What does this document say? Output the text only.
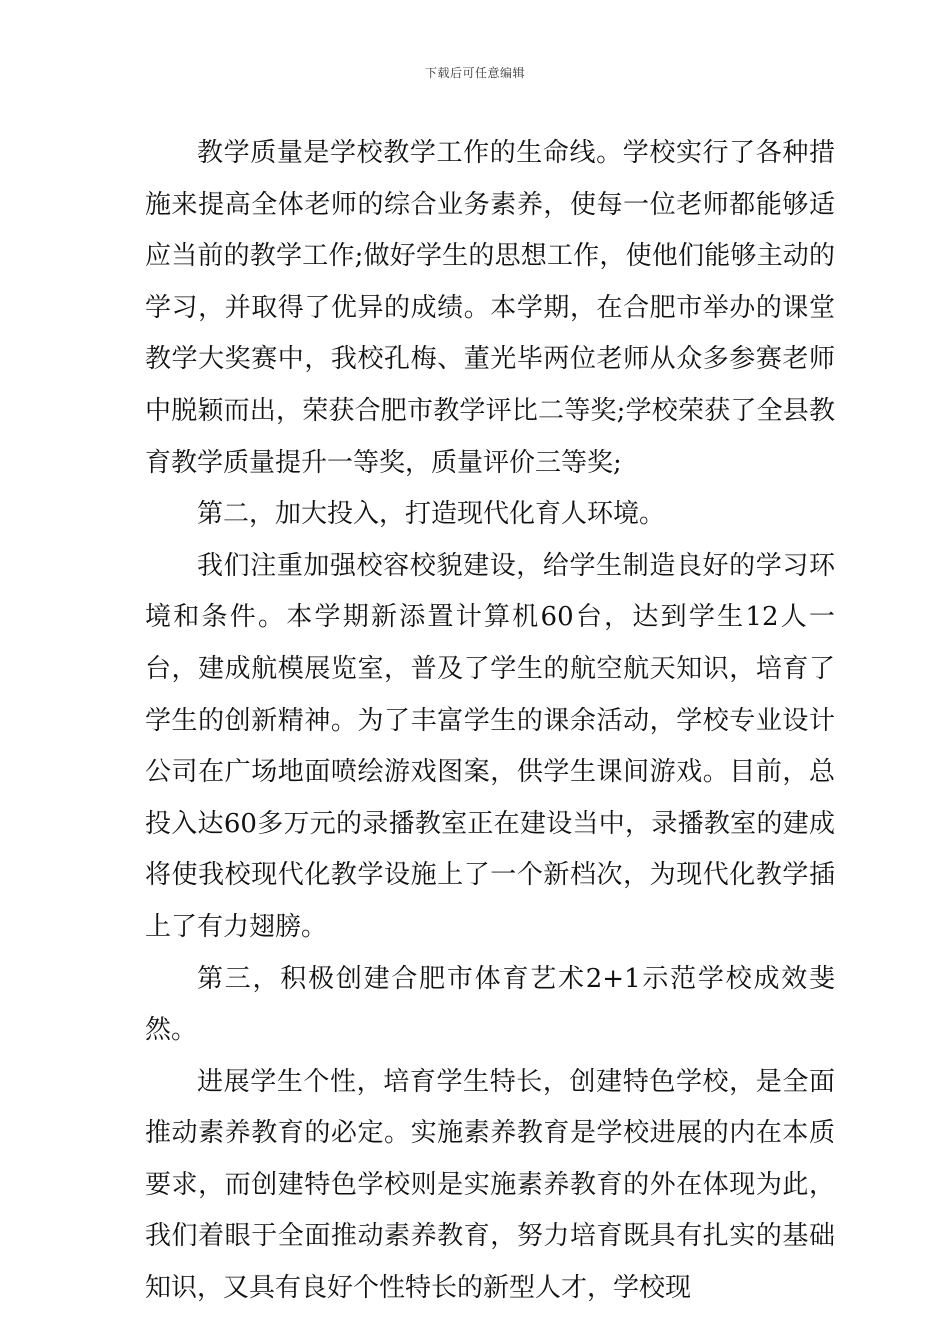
下载后可任意编辑

教学质量是学校教学工作的生命线。学校实行了各种措施来提高全体老师的综合业务素养，使每一位老师都能够适应当前的教学工作;做好学生的思想工作，使他们能够主动的学习，并取得了优异的成绩。本学期，在合肥市举办的课堂教学大奖赛中，我校孔梅、董光毕两位老师从众多参赛老师中脱颖而出，荣获合肥市教学评比二等奖;学校荣获了全县教育教学质量提升一等奖，质量评价三等奖;

第二，加大投入，打造现代化育人环境。

我们注重加强校容校貌建设，给学生制造良好的学习环境和条件。本学期新添置计算机60台，达到学生12人一台，建成航模展览室，普及了学生的航空航天知识，培育了学生的创新精神。为了丰富学生的课余活动，学校专业设计公司在广场地面喷绘游戏图案，供学生课间游戏。目前，总投入达60多万元的录播教室正在建设当中，录播教室的建成将使我校现代化教学设施上了一个新档次，为现代化教学插上了有力翅膀。

第三，积极创建合肥市体育艺术2+1示范学校成效斐然。

进展学生个性，培育学生特长，创建特色学校，是全面推动素养教育的必定。实施素养教育是学校进展的内在本质要求，而创建特色学校则是实施素养教育的外在体现为此，我们着眼于全面推动素养教育，努力培育既具有扎实的基础知识，又具有良好个性特长的新型人才，学校现
